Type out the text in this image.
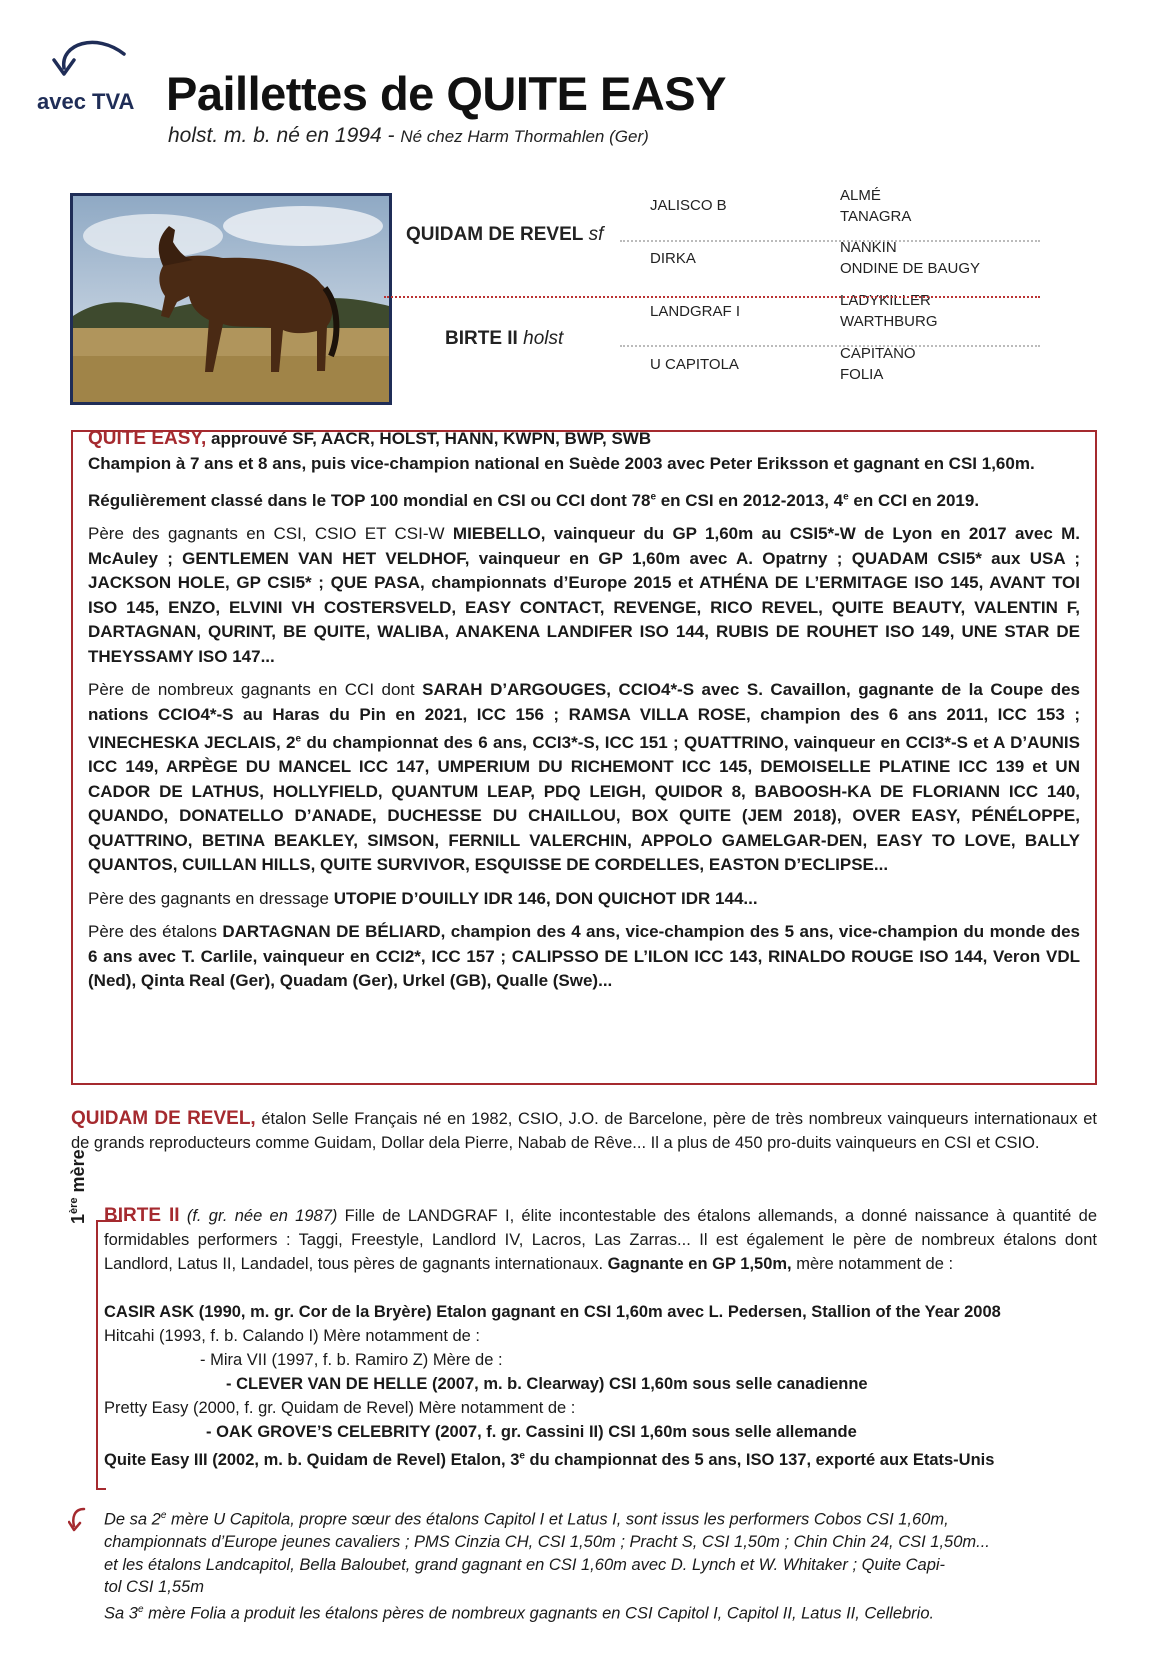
avec TVA Paillettes de QUITE EASY
holst. m. b. né en 1994 - Né chez Harm Thormahlen (Ger)
QUIDAM DE REVEL sf
BIRTE II holst
JALISCO B
DIRKA
LANDGRAF I
U CAPITOLA
ALMÉ
TANAGRA
NANKIN
ONDINE DE BAUGY
LADYKILLER
WARTHBURG
CAPITANO
FOLIA
QUITE EASY, approuvé SF, AACR, HOLST, HANN, KWPN, BWP, SWB
Champion à 7 ans et 8 ans, puis vice-champion national en Suède 2003 avec Peter Eriksson et gagnant en CSI 1,60m.
Régulièrement classé dans le TOP 100 mondial en CSI ou CCI dont 78e en CSI en 2012-2013, 4e en CCI en 2019.
Père des gagnants en CSI, CSIO ET CSI-W MIEBELLO, vainqueur du GP 1,60m au CSI5*-W de Lyon en 2017 avec M. McAuley ; GENTLEMEN VAN HET VELDHOF, vainqueur en GP 1,60m avec A. Opatrny ; QUADAM CSI5* aux USA ; JACKSON HOLE, GP CSI5* ; QUE PASA, championnats d’Europe 2015 et ATHÉNA DE L’ERMITAGE ISO 145, AVANT TOI ISO 145, ENZO, ELVINI VH COSTERSVELD, EASY CONTACT, REVENGE, RICO REVEL, QUITE BEAUTY, VALENTIN F, DARTAGNAN, QURINT, BE QUITE, WALIBA, ANAKENA LANDIFER ISO 144, RUBIS DE ROUHET ISO 149, UNE STAR DE THEYSSAMY ISO 147...
Père de nombreux gagnants en CCI dont SARAH D’ARGOUGES, CCIO4*-S avec S. Cavaillon, gagnante de la Coupe des nations CCIO4*-S au Haras du Pin en 2021, ICC 156 ; RAMSA VILLA ROSE, champion des 6 ans 2011, ICC 153 ; VINECHESKA JECLAIS, 2e du championnat des 6 ans, CCI3*-S, ICC 151 ; QUATTRINO, vainqueur en CCI3*-S et A D’AUNIS ICC 149, ARPÈGE DU MANCEL ICC 147, UMPERIUM DU RICHEMONT ICC 145, DEMOISELLE PLATINE ICC 139 et UN CADOR DE LATHUS, HOLLYFIELD, QUANTUM LEAP, PDQ LEIGH, QUIDOR 8, BABOOSH-KA DE FLORIANN ICC 140, QUANDO, DONATELLO D’ANADE, DUCHESSE DU CHAILLOU, BOX QUITE (JEM 2018), OVER EASY, PÉNÉLOPPE, QUATTRINO, BETINA BEAKLEY, SIMSON, FERNILL VALERCHIN, APPOLO GAMELGAR-DEN, EASY TO LOVE, BALLY QUANTOS, CUILLAN HILLS, QUITE SURVIVOR, ESQUISSE DE CORDELLES, EASTON D’ECLIPSE...
Père des gagnants en dressage UTOPIE D’OUILLY IDR 146, DON QUICHOT IDR 144...
Père des étalons DARTAGNAN DE BÉLIARD, champion des 4 ans, vice-champion des 5 ans, vice-champion du monde des 6 ans avec T. Carlile, vainqueur en CCI2*, ICC 157 ; CALIPSSO DE L’ILON ICC 143, RINALDO ROUGE ISO 144, Veron VDL (Ned), Qinta Real (Ger), Quadam (Ger), Urkel (GB), Qualle (Swe)...
QUIDAM DE REVEL, étalon Selle Français né en 1982, CSIO, J.O. de Barcelone, père de très nombreux vainqueurs internationaux et de grands reproducteurs comme Guidam, Dollar dela Pierre, Nabab de Rêve... Il a plus de 450 pro-duits vainqueurs en CSI et CSIO.
1ère mère
BIRTE II (f. gr. née en 1987) Fille de LANDGRAF I, élite incontestable des étalons allemands, a donné naissance à quantité de formidables performers : Taggi, Freestyle, Landlord IV, Lacros, Las Zarras... Il est également le père de nombreux étalons dont Landlord, Latus II, Landadel, tous pères de gagnants internationaux. Gagnante en GP 1,50m, mère notamment de :
CASIR ASK (1990, m. gr. Cor de la Bryère) Etalon gagnant en CSI 1,60m avec L. Pedersen, Stallion of the Year 2008
Hitcahi (1993, f. b. Calando I) Mère notamment de :
- Mira VII (1997, f. b. Ramiro Z) Mère de :
- CLEVER VAN DE HELLE (2007, m. b. Clearway) CSI 1,60m sous selle canadienne
Pretty Easy (2000, f. gr. Quidam de Revel) Mère notamment de :
- OAK GROVE’S CELEBRITY (2007, f. gr. Cassini II) CSI 1,60m sous selle allemande
Quite Easy III (2002, m. b. Quidam de Revel) Etalon, 3e du championnat des 5 ans, ISO 137, exporté aux Etats-Unis
De sa 2e mère U Capitola, propre sœur des étalons Capitol I et Latus I, sont issus les performers Cobos CSI 1,60m,
championnats d’Europe jeunes cavaliers ; PMS Cinzia CH, CSI 1,50m ; Pracht S, CSI 1,50m ; Chin Chin 24, CSI 1,50m...
et les étalons Landcapitol, Bella Baloubet, grand gagnant en CSI 1,60m avec D. Lynch et W. Whitaker ; Quite Capi-
tol CSI 1,55m
Sa 3e mère Folia a produit les étalons pères de nombreux gagnants en CSI Capitol I, Capitol II, Latus II, Cellebrio.
